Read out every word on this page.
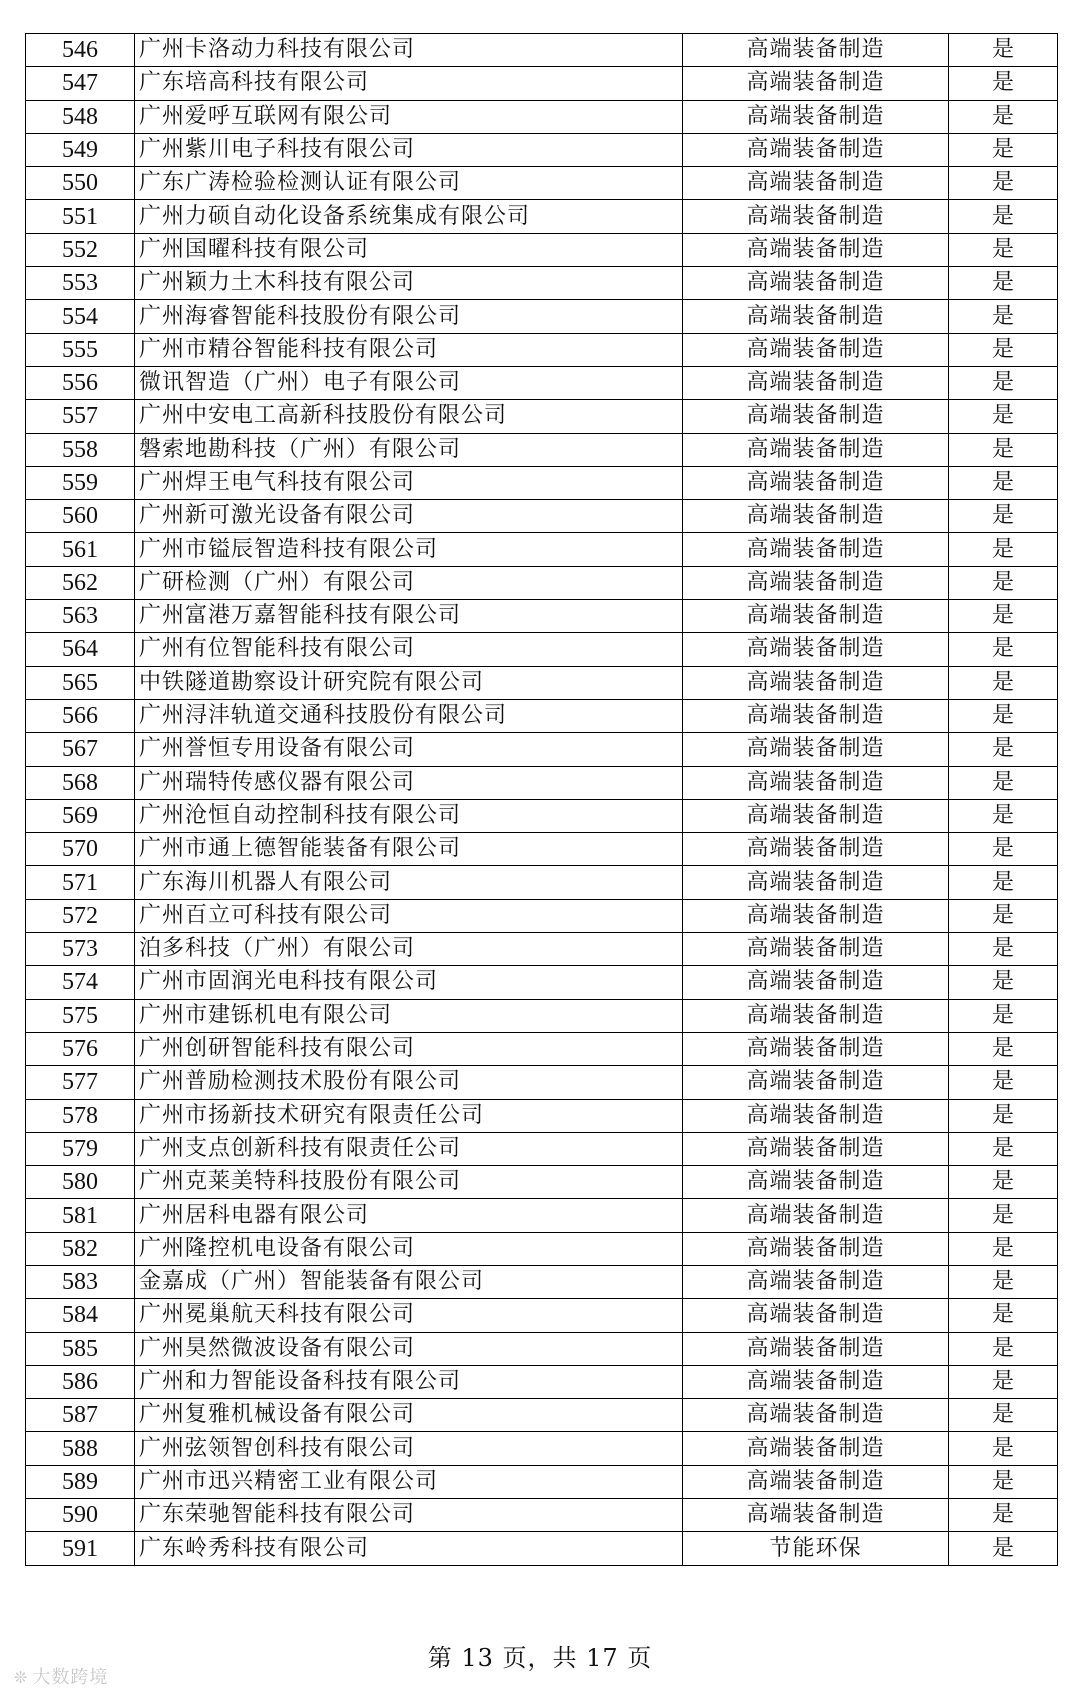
546	广州卡洛动力科技有限公司	高端装备制造	是
547	广东培高科技有限公司	高端装备制造	是
548	广州爱呼互联网有限公司	高端装备制造	是
549	广州紫川电子科技有限公司	高端装备制造	是
550	广东广涛检验检测认证有限公司	高端装备制造	是
551	广州力硕自动化设备系统集成有限公司	高端装备制造	是
552	广州国曜科技有限公司	高端装备制造	是
553	广州颖力土木科技有限公司	高端装备制造	是
554	广州海睿智能科技股份有限公司	高端装备制造	是
555	广州市精谷智能科技有限公司	高端装备制造	是
556	微讯智造（广州）电子有限公司	高端装备制造	是
557	广州中安电工高新科技股份有限公司	高端装备制造	是
558	磐索地勘科技（广州）有限公司	高端装备制造	是
559	广州焊王电气科技有限公司	高端装备制造	是
560	广州新可激光设备有限公司	高端装备制造	是
561	广州市镒辰智造科技有限公司	高端装备制造	是
562	广研检测（广州）有限公司	高端装备制造	是
563	广州富港万嘉智能科技有限公司	高端装备制造	是
564	广州有位智能科技有限公司	高端装备制造	是
565	中铁隧道勘察设计研究院有限公司	高端装备制造	是
566	广州浔沣轨道交通科技股份有限公司	高端装备制造	是
567	广州誉恒专用设备有限公司	高端装备制造	是
568	广州瑞特传感仪器有限公司	高端装备制造	是
569	广州沧恒自动控制科技有限公司	高端装备制造	是
570	广州市通上德智能装备有限公司	高端装备制造	是
571	广东海川机器人有限公司	高端装备制造	是
572	广州百立可科技有限公司	高端装备制造	是
573	泊多科技（广州）有限公司	高端装备制造	是
574	广州市固润光电科技有限公司	高端装备制造	是
575	广州市建铄机电有限公司	高端装备制造	是
576	广州创研智能科技有限公司	高端装备制造	是
577	广州普励检测技术股份有限公司	高端装备制造	是
578	广州市扬新技术研究有限责任公司	高端装备制造	是
579	广州支点创新科技有限责任公司	高端装备制造	是
580	广州克莱美特科技股份有限公司	高端装备制造	是
581	广州居科电器有限公司	高端装备制造	是
582	广州隆控机电设备有限公司	高端装备制造	是
583	金嘉成（广州）智能装备有限公司	高端装备制造	是
584	广州冕巢航天科技有限公司	高端装备制造	是
585	广州昊然微波设备有限公司	高端装备制造	是
586	广州和力智能设备科技有限公司	高端装备制造	是
587	广州复雅机械设备有限公司	高端装备制造	是
588	广州弦领智创科技有限公司	高端装备制造	是
589	广州市迅兴精密工业有限公司	高端装备制造	是
590	广东荣驰智能科技有限公司	高端装备制造	是
591	广东岭秀科技有限公司	节能环保	是
第 13 页，共 17 页
❊ 大数跨境
